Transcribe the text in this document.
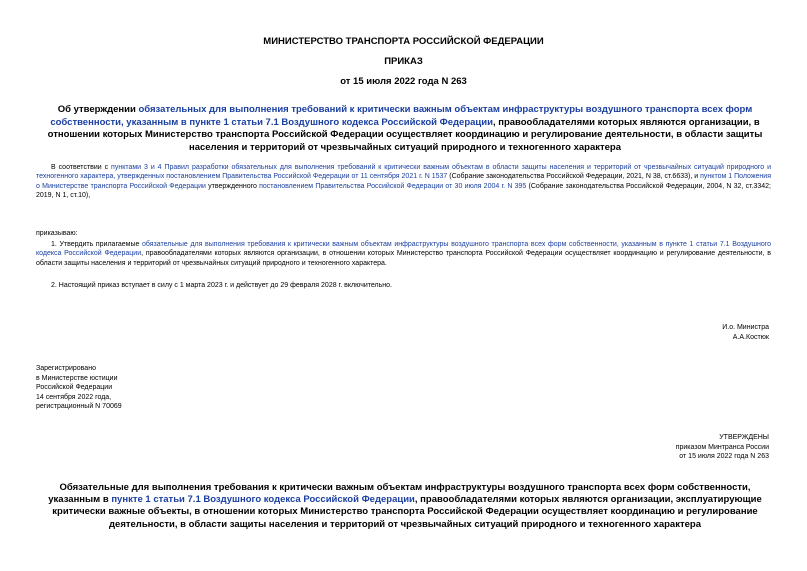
МИНИСТЕРСТВО ТРАНСПОРТА РОССИЙСКОЙ ФЕДЕРАЦИИ
ПРИКАЗ
от 15 июля 2022 года N 263
Об утверждении обязательных для выполнения требований к критически важным объектам инфраструктуры воздушного транспорта всех форм собственности, указанным в пункте 1 статьи 7.1 Воздушного кодекса Российской Федерации, правообладателями которых являются организации, в отношении которых Министерство транспорта Российской Федерации осуществляет координацию и регулирование деятельности, в области защиты населения и территорий от чрезвычайных ситуаций природного и техногенного характера
В соответствии с пунктами 3 и 4 Правил разработки обязательных для выполнения требований к критически важным объектам в области защиты населения и территорий от чрезвычайных ситуаций природного и техногенного характера, утвержденных постановлением Правительства Российской Федерации от 11 сентября 2021 г. N 1537 (Собрание законодательства Российской Федерации, 2021, N 38, ст.6633), и пунктом 1 Положения о Министерстве транспорта Российской Федерации утвержденного постановлением Правительства Российской Федерации от 30 июля 2004 г. N 395 (Собрание законодательства Российской Федерации, 2004, N 32, ст.3342; 2019, N 1, ст.10),
приказываю:
1. Утвердить прилагаемые обязательные для выполнения требования к критически важным объектам инфраструктуры воздушного транспорта всех форм собственности, указанным в пункте 1 статьи 7.1 Воздушного кодекса Российской Федерации, правообладателями которых являются организации, в отношении которых Министерство транспорта Российской Федерации осуществляет координацию и регулирование деятельности, в области защиты населения и территорий от чрезвычайных ситуаций природного и техногенного характера.
2. Настоящий приказ вступает в силу с 1 марта 2023 г. и действует до 29 февраля 2028 г. включительно.
И.о. Министра
А.А.Костюк
Зарегистрировано
в Министерстве юстиции
Российской Федерации
14 сентября 2022 года,
регистрационный N 70069
УТВЕРЖДЕНЫ
приказом Минтранса России
от 15 июля 2022 года N 263
Обязательные для выполнения требования к критически важным объектам инфраструктуры воздушного транспорта всех форм собственности, указанным в пункте 1 статьи 7.1 Воздушного кодекса Российской Федерации, правообладателями которых являются организации, эксплуатирующие критически важные объекты, в отношении которых Министерство транспорта Российской Федерации осуществляет координацию и регулирование деятельности, в области защиты населения и территорий от чрезвычайных ситуаций природного и техногенного характера
